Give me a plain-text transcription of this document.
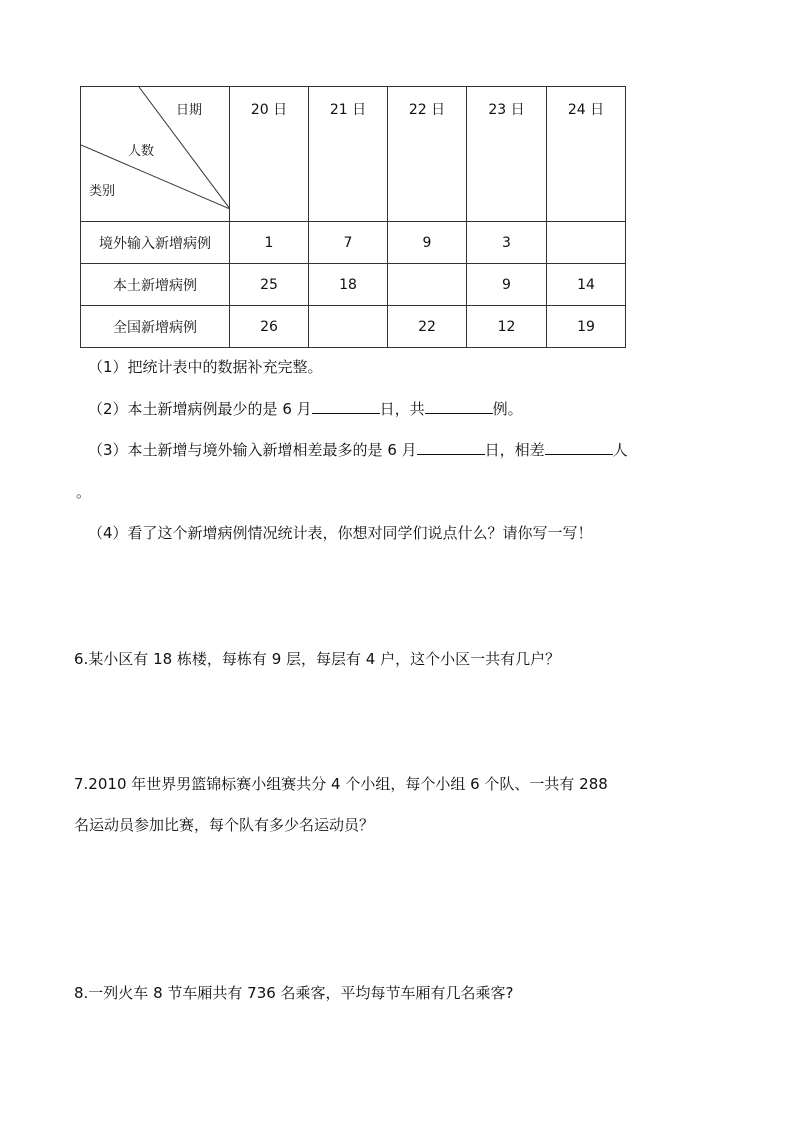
日期
人数
类别	20 日	21 日	22 日	23 日	24 日
境外输入新增病例	1	7	9	3	
本土新增病例	25	18		9	14
全国新增病例	26		22	12	19
（1）把统计表中的数据补充完整。
（2）本土新增病例最少的是 6 月	日，共	例。
（3）本土新增与境外输入新增相差最多的是 6 月	日，相差	人
。
（4）看了这个新增病例情况统计表，你想对同学们说点什么？请你写一写！
6.某小区有 18 栋楼，每栋有 9 层，每层有 4 户，这个小区一共有几户？
7.2010 年世界男篮锦标赛小组赛共分 4 个小组，每个小组 6 个队、一共有 288
名运动员参加比赛，每个队有多少名运动员？
8.一列火车 8 节车厢共有 736 名乘客，平均每节车厢有几名乘客?
